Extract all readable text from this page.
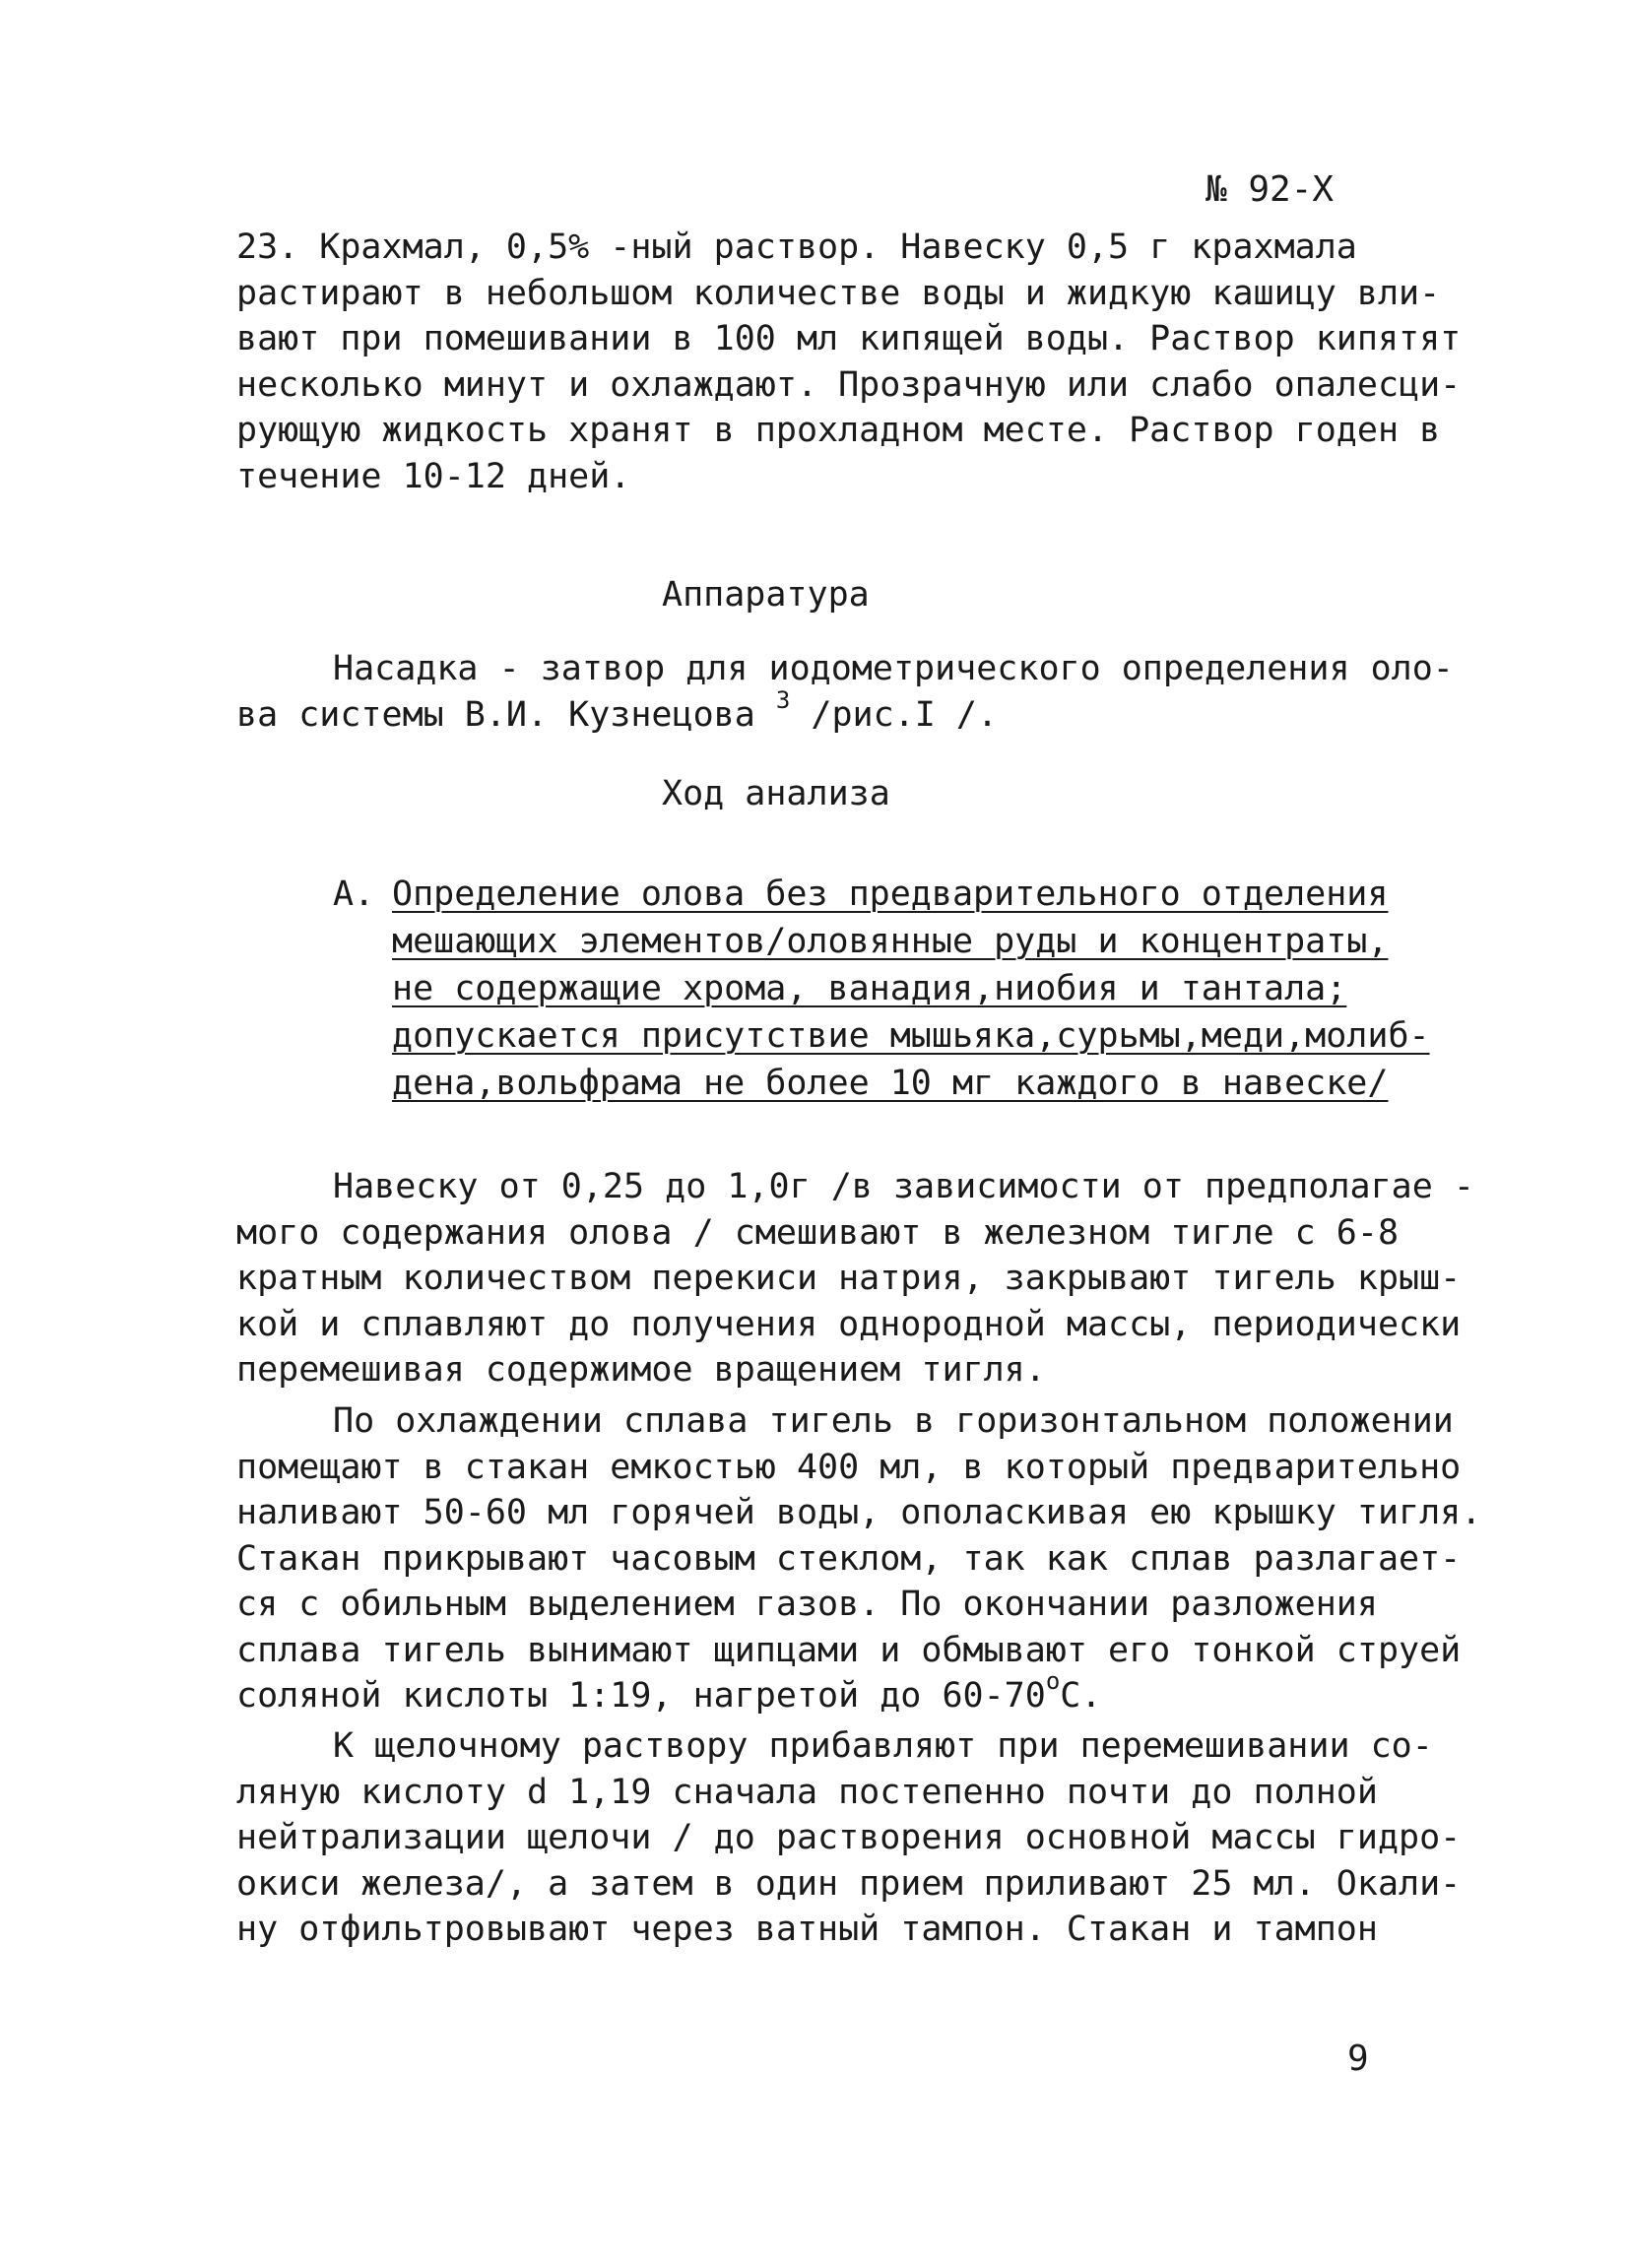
№ 92-Х
23. Крахмал, 0,5% -ный раствор. Навеску 0,5 г крахмала
растирают в небольшом количестве воды и жидкую кашицу вли-
вают при помешивании в 100 мл кипящей воды. Раствор кипятят
несколько минут и охлаждают. Прозрачную или слабо опалесци-
рующую жидкость хранят в прохладном месте. Раствор годен в
течение 10-12 дней.
Аппаратура
Насадка - затвор для иодометрического определения оло-
ва системы В.И. Кузнецова $^3$ /рис.I /.
Ход анализа
А. Определение олова без предварительного отделения
мешающих элементов/оловянные руды и концентраты,
не содержащие хрома, ванадия,ниобия и тантала;
допускается присутствие мышьяка,сурьмы,меди,молиб-
дена,вольфрама не более 10 мг каждого в навеске/
Навеску от 0,25 до 1,0г /в зависимости от предполагае -
мого содержания олова / смешивают в железном тигле с 6-8
кратным количеством перекиси натрия, закрывают тигель крыш-
кой и сплавляют до получения однородной массы, периодически
перемешивая содержимое вращением тигля.
По охлаждении сплава тигель в горизонтальном положении
помещают в стакан емкостью 400 мл, в который предварительно
наливают 50-60 мл горячей воды, ополаскивая ею крышку тигля.
Стакан прикрывают часовым стеклом, так как сплав разлагает-
ся с обильным выделением газов. По окончании разложения
сплава тигель вынимают щипцами и обмывают его тонкой струей
соляной кислоты 1:19, нагретой до $60-70^оС$.
К щелочному раствору прибавляют при перемешивании со-
ляную кислоту d 1,19 сначала постепенно почти до полной
нейтрализации щелочи / до растворения основной массы гидро-
окиси железа/, а затем в один прием приливают 25 мл. Окали-
ну отфильтровывают через ватный тампон. Стакан и тампон
9
